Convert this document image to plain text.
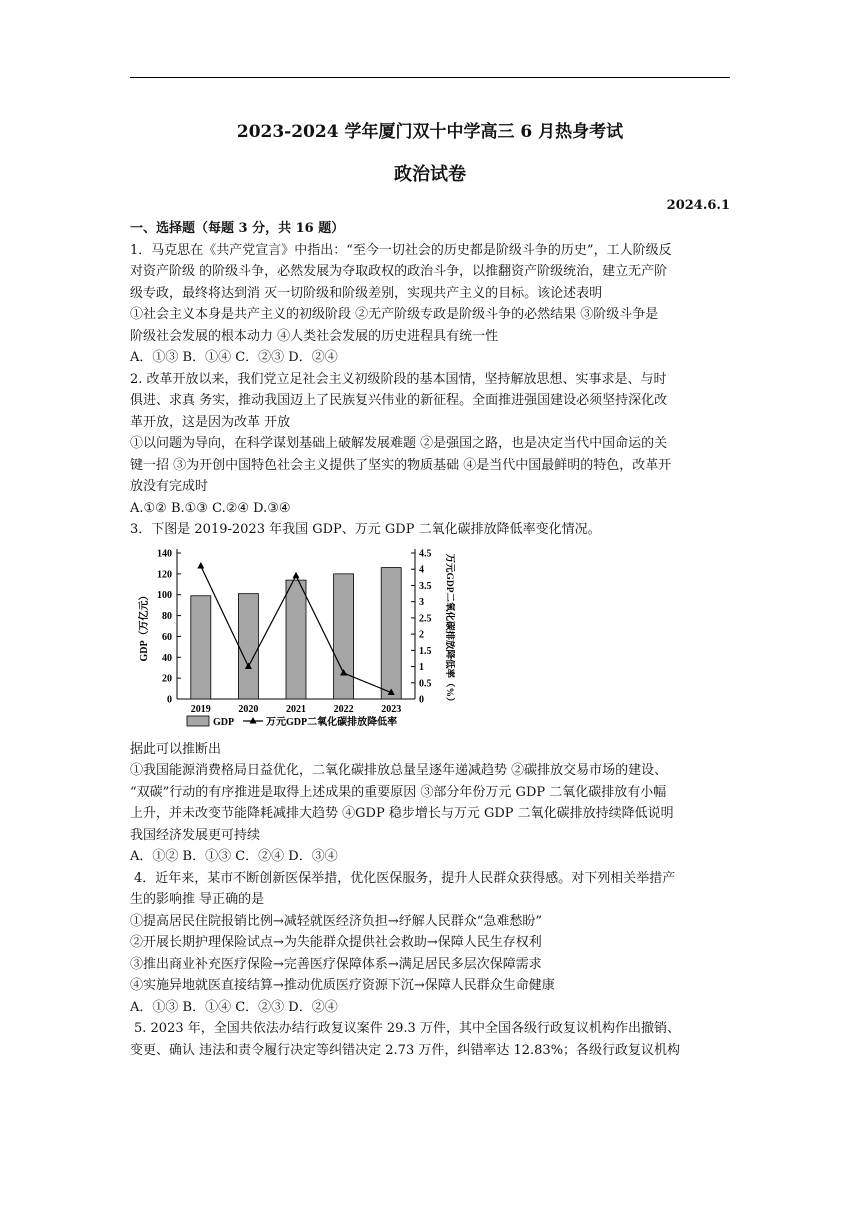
2023-2024 学年厦门双十中学高三 6 月热身考试
政治试卷
2024.6.1

一、选择题（每题 3 分，共 16 题）

1．马克思在《共产党宣言》中指出：“至今一切社会的历史都是阶级斗争的历史”，工人阶级反

对资产阶级 的阶级斗争，必然发展为夺取政权的政治斗争，以推翻资产阶级统治，建立无产阶

级专政，最终将达到消 灭一切阶级和阶级差别，实现共产主义的目标。该论述表明

①社会主义本身是共产主义的初级阶段 ②无产阶级专政是阶级斗争的必然结果 ③阶级斗争是

阶级社会发展的根本动力 ④人类社会发展的历史进程具有统一性

A．①③ B．①④ C．②③ D．②④

2. 改革开放以来，我们党立足社会主义初级阶段的基本国情，坚持解放思想、实事求是、与时

俱进、求真 务实，推动我国迈上了民族复兴伟业的新征程。全面推进强国建设必须坚持深化改

革开放，这是因为改革 开放

①以问题为导向，在科学谋划基础上破解发展难题 ②是强国之路，也是决定当代中国命运的关

键一招 ③为开创中国特色社会主义提供了坚实的物质基础 ④是当代中国最鲜明的特色，改革开

放没有完成时

A.①② B.①③ C.②④ D.③④

3．下图是 2019-2023 年我国 GDP、万元 GDP 二氧化碳排放降低率变化情况。

0
20
40
60
80
100
120
140
0
0.5
1
1.5
2
2.5
3
3.5
4
4.5
2019	2020	2021	2022	2023
GDP（万亿元）	万元GDP二氧化碳排放降低率（%）
GDP	万元GDP二氧化碳排放降低率

据此可以推断出

①我国能源消费格局日益优化，二氧化碳排放总量呈逐年递减趋势 ②碳排放交易市场的建设、

“双碳”行动的有序推进是取得上述成果的重要原因 ③部分年份万元 GDP 二氧化碳排放有小幅

上升，并未改变节能降耗减排大趋势 ④GDP 稳步增长与万元 GDP 二氧化碳排放持续降低说明

我国经济发展更可持续

A．①② B．①③ C．②④ D．③④

4．近年来，某市不断创新医保举措，优化医保服务，提升人民群众获得感。对下列相关举措产

生的影响推 导正确的是

①提高居民住院报销比例→减轻就医经济负担→纾解人民群众“急难愁盼”

②开展长期护理保险试点→为失能群众提供社会救助→保障人民生存权利

③推出商业补充医疗保险→完善医疗保障体系→满足居民多层次保障需求

④实施异地就医直接结算→推动优质医疗资源下沉→保障人民群众生命健康

A．①③ B．①④ C．②③ D．②④

5. 2023 年，全国共依法办结行政复议案件 29.3 万件，其中全国各级行政复议机构作出撤销、

变更、确认 违法和责令履行决定等纠错决定 2.73 万件，纠错率达 12.83%；各级行政复议机构
